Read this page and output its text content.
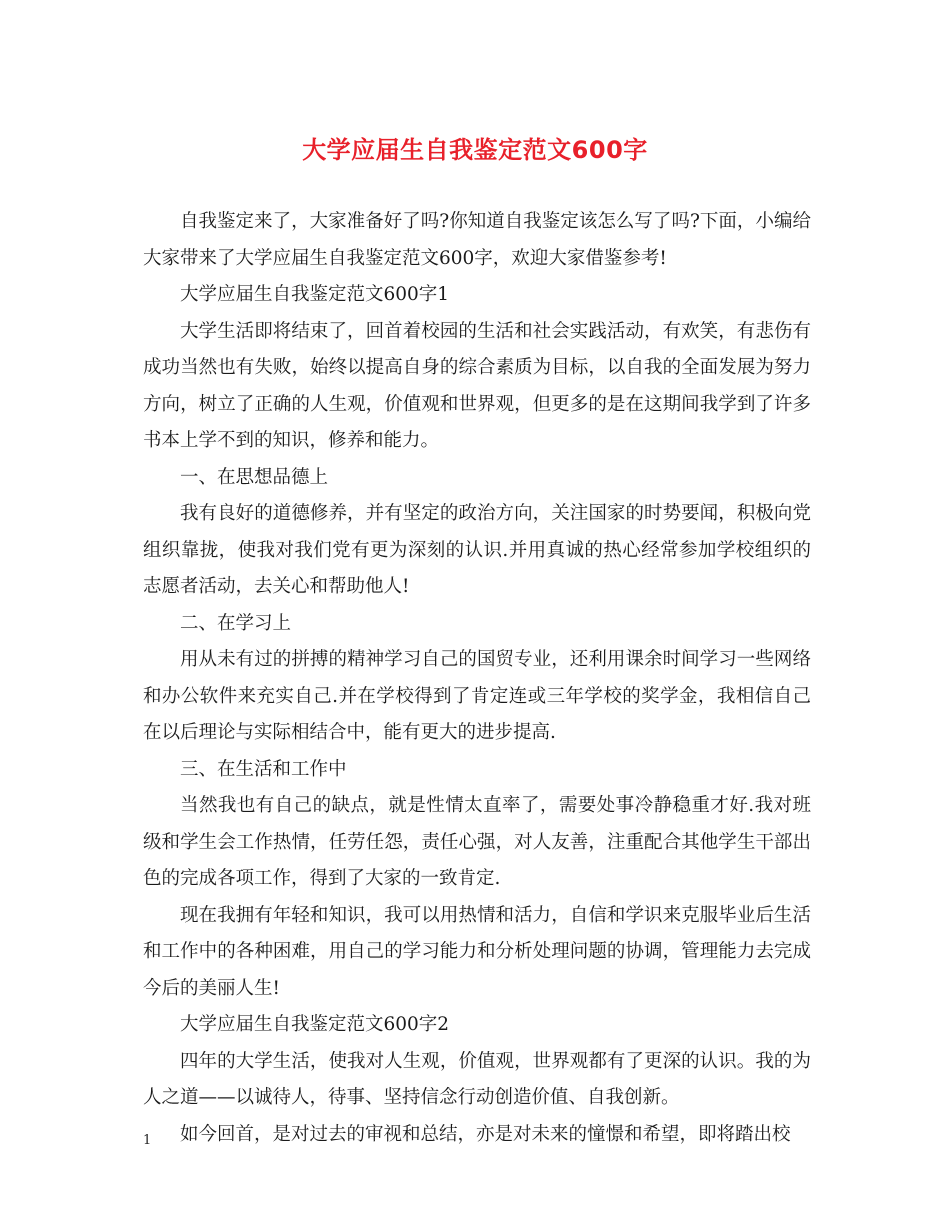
大学应届生自我鉴定范文600字

自我鉴定来了，大家准备好了吗?你知道自我鉴定该怎么写了吗?下面，小编给大家带来了大学应届生自我鉴定范文600字，欢迎大家借鉴参考!

大学应届生自我鉴定范文600字1

大学生活即将结束了，回首着校园的生活和社会实践活动，有欢笑，有悲伤有成功当然也有失败，始终以提高自身的综合素质为目标，以自我的全面发展为努力方向，树立了正确的人生观，价值观和世界观，但更多的是在这期间我学到了许多书本上学不到的知识，修养和能力。

一、在思想品德上

我有良好的道德修养，并有坚定的政治方向，关注国家的时势要闻，积极向党组织靠拢，使我对我们党有更为深刻的认识.并用真诚的热心经常参加学校组织的志愿者活动，去关心和帮助他人!

二、在学习上

用从未有过的拼搏的精神学习自己的国贸专业，还利用课余时间学习一些网络和办公软件来充实自己.并在学校得到了肯定连或三年学校的奖学金，我相信自己在以后理论与实际相结合中，能有更大的进步提高.

三、在生活和工作中

当然我也有自己的缺点，就是性情太直率了，需要处事冷静稳重才好.我对班级和学生会工作热情，任劳任怨，责任心强，对人友善，注重配合其他学生干部出色的完成各项工作，得到了大家的一致肯定.

现在我拥有年轻和知识，我可以用热情和活力，自信和学识来克服毕业后生活和工作中的各种困难，用自己的学习能力和分析处理问题的协调，管理能力去完成今后的美丽人生!

大学应届生自我鉴定范文600字2

四年的大学生活，使我对人生观，价值观，世界观都有了更深的认识。我的为人之道——以诚待人，待事、坚持信念行动创造价值、自我创新。

如今回首，是对过去的审视和总结，亦是对未来的憧憬和希望，即将踏出校

1
